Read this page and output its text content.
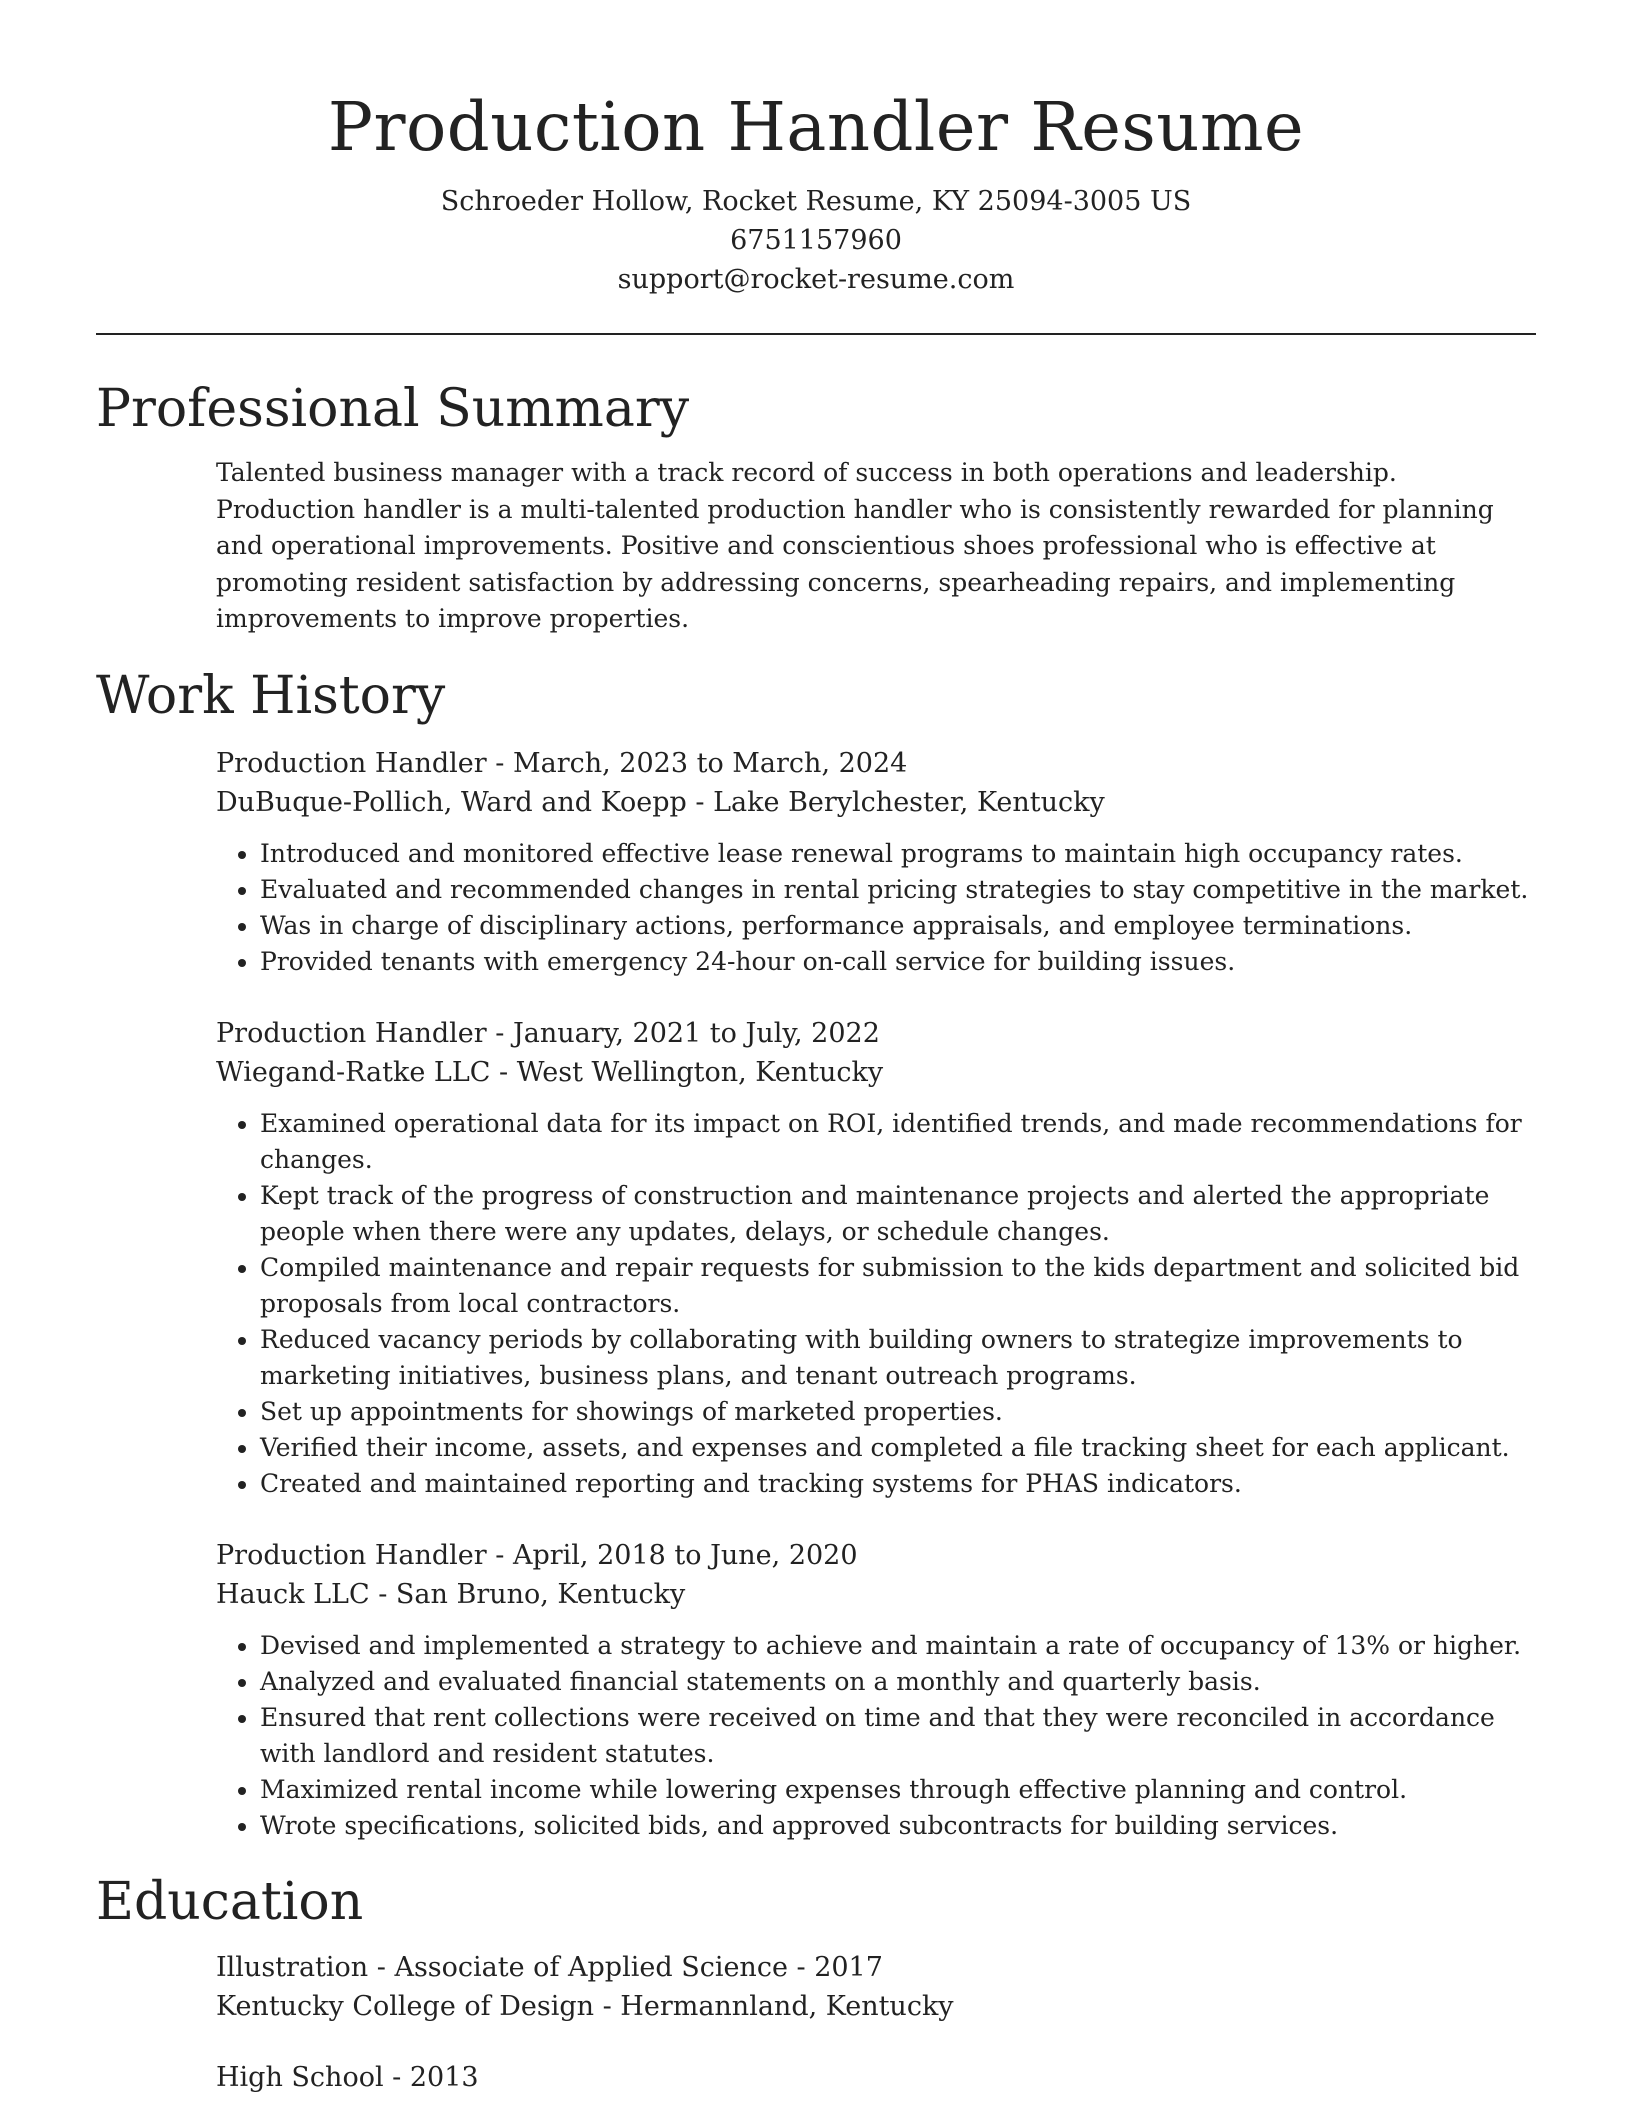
Production Handler Resume
Schroeder Hollow, Rocket Resume, KY 25094-3005 US
6751157960
support@rocket-resume.com
Professional Summary

Talented business manager with a track record of success in both operations and leadership. Production handler is a multi-talented production handler who is consistently rewarded for planning and operational improvements. Positive and conscientious shoes professional who is effective at promoting resident satisfaction by addressing concerns, spearheading repairs, and implementing improvements to improve properties.

Work History
Production Handler - March, 2023 to March, 2024
DuBuque-Pollich, Ward and Koepp - Lake Berylchester, Kentucky
• Introduced and monitored effective lease renewal programs to maintain high occupancy rates.
• Evaluated and recommended changes in rental pricing strategies to stay competitive in the market.
• Was in charge of disciplinary actions, performance appraisals, and employee terminations.
• Provided tenants with emergency 24-hour on-call service for building issues.
Production Handler - January, 2021 to July, 2022
Wiegand-Ratke LLC - West Wellington, Kentucky
• Examined operational data for its impact on ROI, identified trends, and made recommendations for changes.
• Kept track of the progress of construction and maintenance projects and alerted the appropriate people when there were any updates, delays, or schedule changes.
• Compiled maintenance and repair requests for submission to the kids department and solicited bid proposals from local contractors.
• Reduced vacancy periods by collaborating with building owners to strategize improvements to marketing initiatives, business plans, and tenant outreach programs.
• Set up appointments for showings of marketed properties.
• Verified their income, assets, and expenses and completed a file tracking sheet for each applicant.
• Created and maintained reporting and tracking systems for PHAS indicators.
Production Handler - April, 2018 to June, 2020
Hauck LLC - San Bruno, Kentucky
• Devised and implemented a strategy to achieve and maintain a rate of occupancy of 13% or higher.
• Analyzed and evaluated financial statements on a monthly and quarterly basis.
• Ensured that rent collections were received on time and that they were reconciled in accordance with landlord and resident statutes.
• Maximized rental income while lowering expenses through effective planning and control.
• Wrote specifications, solicited bids, and approved subcontracts for building services.
Education
Illustration - Associate of Applied Science - 2017
Kentucky College of Design - Hermannland, Kentucky
High School - 2013
